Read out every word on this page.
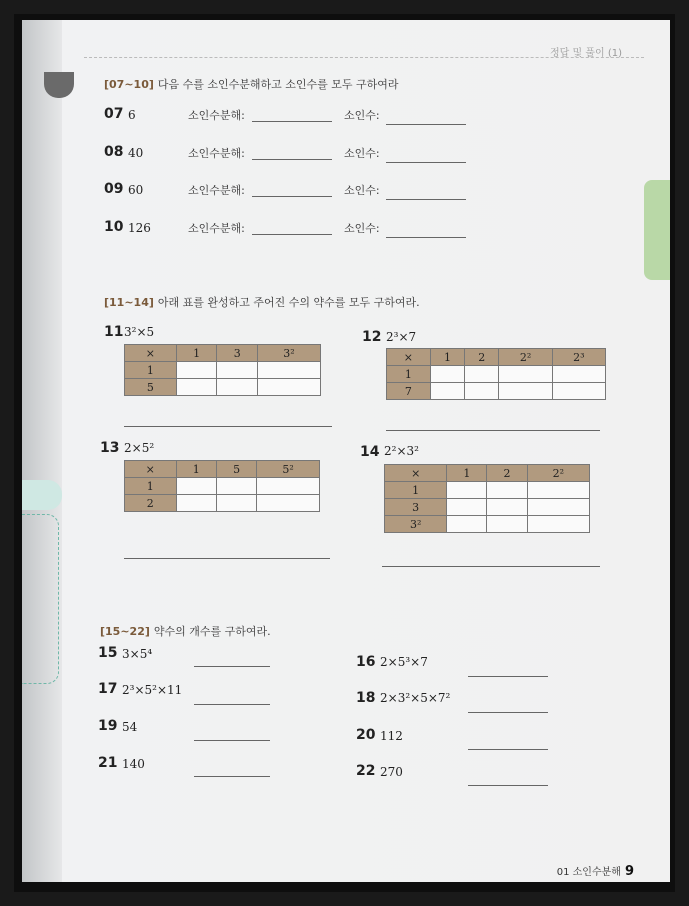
정답 및 풀이 (1)
[07~10] 다음 수를 소인수분해하고 소인수를 모두 구하여라
07 6	소인수분해:	소인수:
08 40	소인수분해:	소인수:
09 60	소인수분해:	소인수:
10 126	소인수분해:	소인수:
[11~14] 아래 표를 완성하고 주어진 수의 약수를 모두 구하여라.
11 3²×5
×	1	3	3²
1			
5			
12 2³×7
×	1	2	2²	2³
1				
7				
13 2×5²
×	1	5	5²
1			
2			
14 2²×3²
×	1	2	2²
1			
3			
3²			
[15~22] 약수의 개수를 구하여라.
15 3×5⁴	16 2×5³×7
17 2³×5²×11	18 2×3²×5×7²
19 54	20 112
21 140	22 270
01 소인수분해 9
